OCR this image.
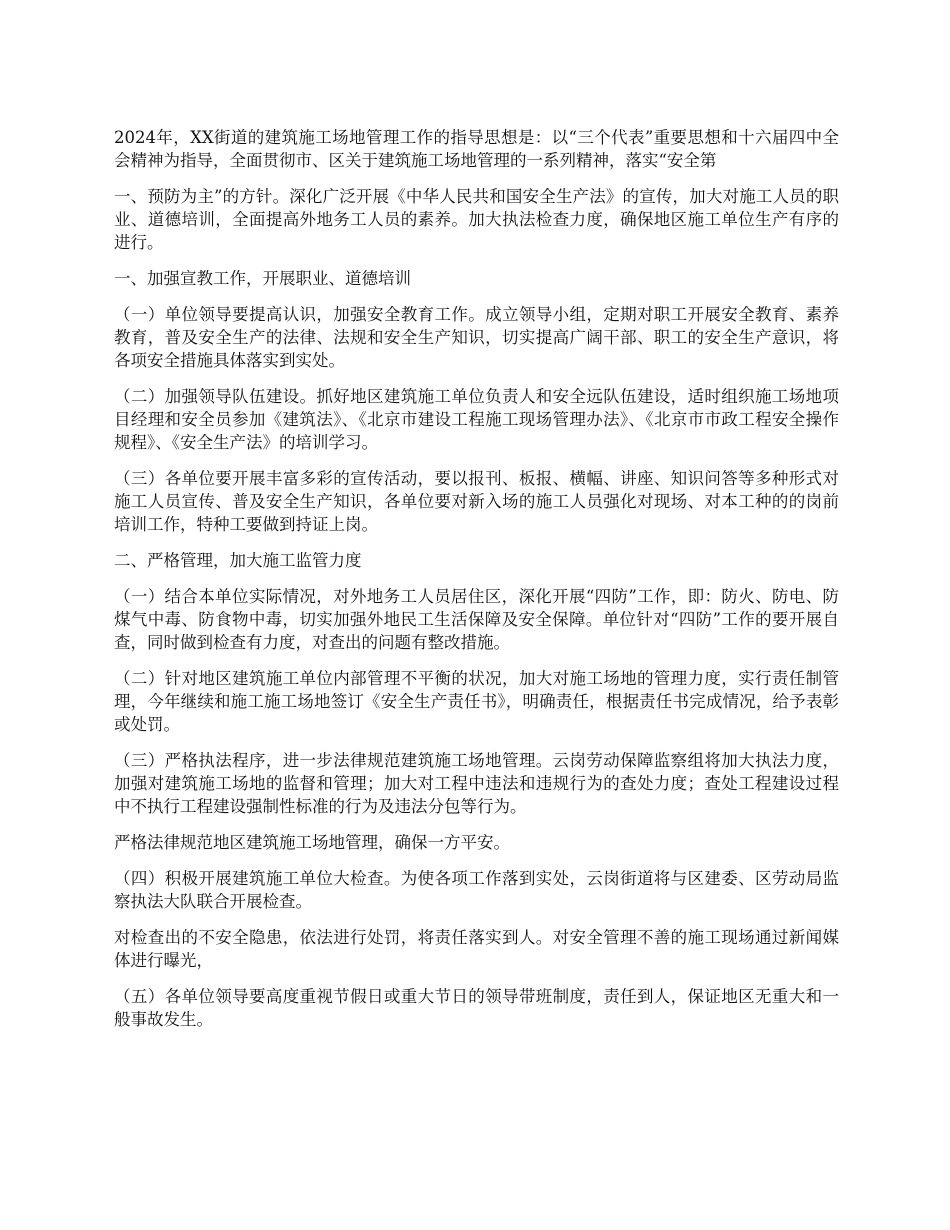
2024年，XX街道的建筑施工场地管理工作的指导思想是：以“三个代表”重要思想和十六届四中全会精神为指导，全面贯彻市、区关于建筑施工场地管理的一系列精神，落实“安全第

一、预防为主”的方针。深化广泛开展《中华人民共和国安全生产法》的宣传，加大对施工人员的职业、道德培训，全面提高外地务工人员的素养。加大执法检查力度，确保地区施工单位生产有序的进行。

一、加强宣教工作，开展职业、道德培训

（一）单位领导要提高认识，加强安全教育工作。成立领导小组，定期对职工开展安全教育、素养教育，普及安全生产的法律、法规和安全生产知识，切实提高广阔干部、职工的安全生产意识，将各项安全措施具体落实到实处。

（二）加强领导队伍建设。抓好地区建筑施工单位负责人和安全远队伍建设，适时组织施工场地项目经理和安全员参加《建筑法》、《北京市建设工程施工现场管理办法》、《北京市市政工程安全操作规程》、《安全生产法》的培训学习。

（三）各单位要开展丰富多彩的宣传活动，要以报刊、板报、横幅、讲座、知识问答等多种形式对施工人员宣传、普及安全生产知识，各单位要对新入场的施工人员强化对现场、对本工种的的岗前培训工作，特种工要做到持证上岗。

二、严格管理，加大施工监管力度

（一）结合本单位实际情况，对外地务工人员居住区，深化开展“四防”工作，即：防火、防电、防煤气中毒、防食物中毒，切实加强外地民工生活保障及安全保障。单位针对“四防”工作的要开展自查，同时做到检查有力度，对查出的问题有整改措施。

（二）针对地区建筑施工单位内部管理不平衡的状况，加大对施工场地的管理力度，实行责任制管理，今年继续和施工施工场地签订《安全生产责任书》，明确责任，根据责任书完成情况，给予表彰或处罚。

（三）严格执法程序，进一步法律规范建筑施工场地管理。云岗劳动保障监察组将加大执法力度，加强对建筑施工场地的监督和管理；加大对工程中违法和违规行为的查处力度；查处工程建设过程中不执行工程建设强制性标准的行为及违法分包等行为。

严格法律规范地区建筑施工场地管理，确保一方平安。

（四）积极开展建筑施工单位大检查。为使各项工作落到实处，云岗街道将与区建委、区劳动局监察执法大队联合开展检查。

对检查出的不安全隐患，依法进行处罚，将责任落实到人。对安全管理不善的施工现场通过新闻媒体进行曝光，

（五）各单位领导要高度重视节假日或重大节日的领导带班制度，责任到人，保证地区无重大和一般事故发生。
